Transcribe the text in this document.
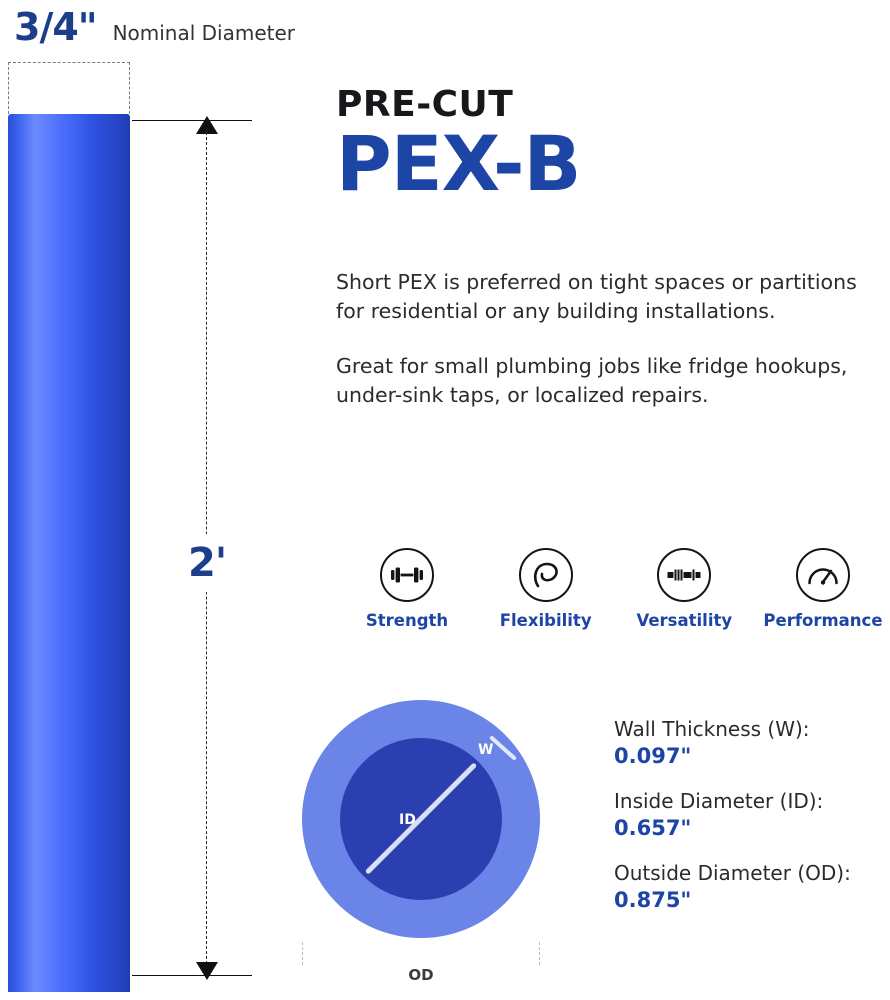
3/4" Nominal Diameter
2'
PRE-CUT
PEX-B

Short PEX is preferred on tight spaces or partitions for residential or any building installations.

Great for small plumbing jobs like fridge hookups, under-sink taps, or localized repairs.

Strength	Flexibility	Versatility Performance
ID
W
OD
Wall Thickness (W):
0.097"
Inside Diameter (ID):
0.657"
Outside Diameter (OD):
0.875"
